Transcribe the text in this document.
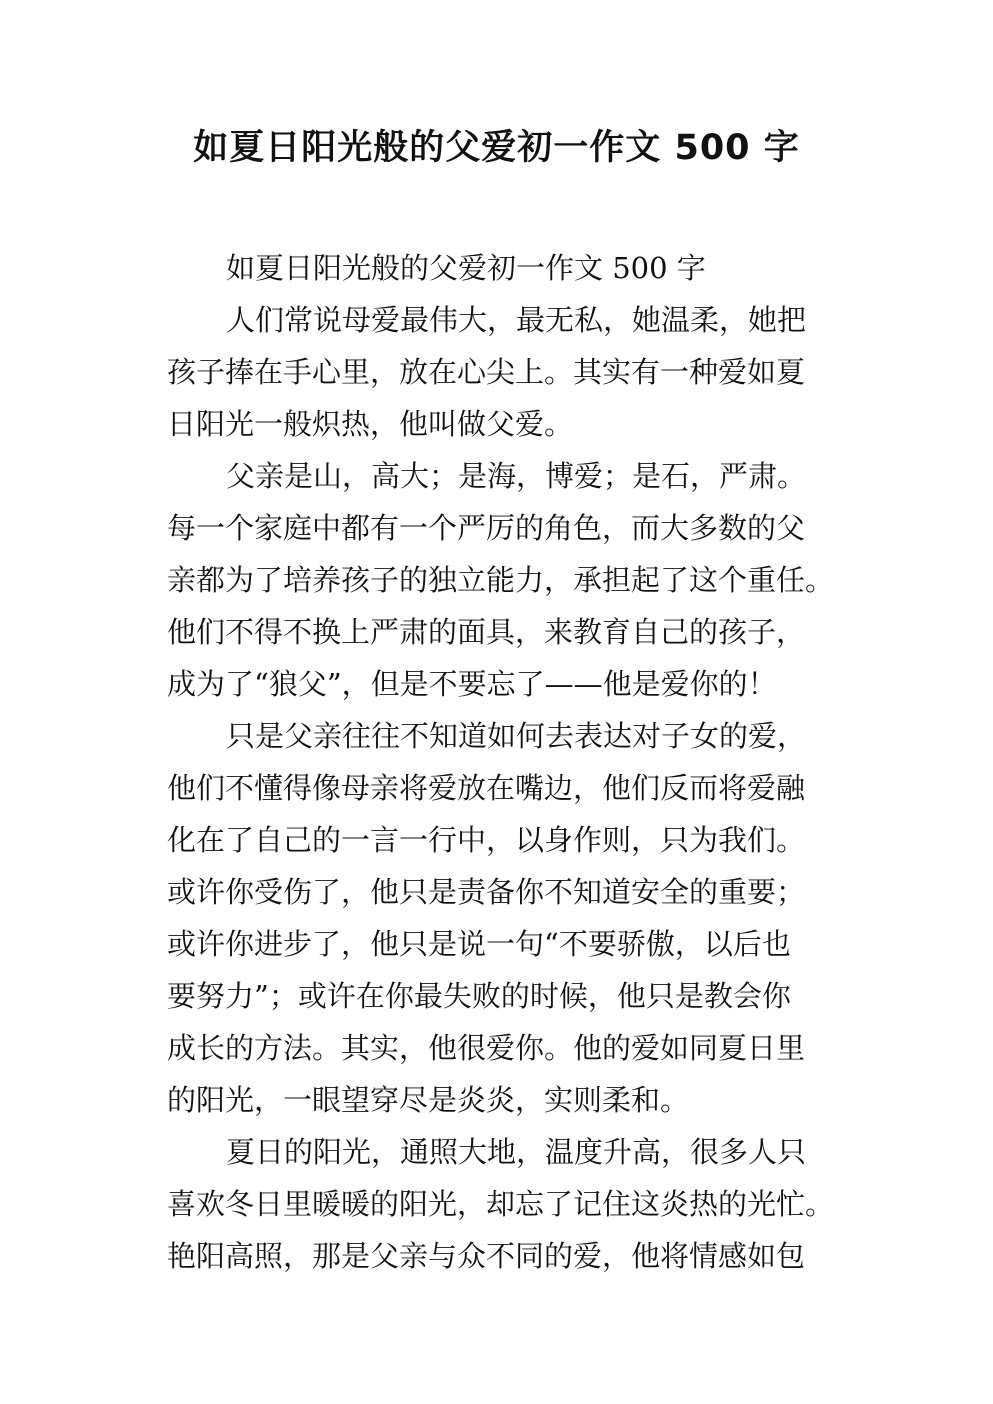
如夏日阳光般的父爱初一作文 500 字

如夏日阳光般的父爱初一作文 500 字

人们常说母爱最伟大，最无私，她温柔，她把

孩子捧在手心里，放在心尖上。其实有一种爱如夏

日阳光一般炽热，他叫做父爱。

父亲是山，高大；是海，博爱；是石，严肃。

每一个家庭中都有一个严厉的角色，而大多数的父

亲都为了培养孩子的独立能力，承担起了这个重任。

他们不得不换上严肃的面具，来教育自己的孩子，

成为了“狼父”，但是不要忘了——他是爱你的！

只是父亲往往不知道如何去表达对子女的爱，

他们不懂得像母亲将爱放在嘴边，他们反而将爱融

化在了自己的一言一行中，以身作则，只为我们。

或许你受伤了，他只是责备你不知道安全的重要；

或许你进步了，他只是说一句“不要骄傲，以后也

要努力”；或许在你最失败的时候，他只是教会你

成长的方法。其实，他很爱你。他的爱如同夏日里

的阳光，一眼望穿尽是炎炎，实则柔和。

夏日的阳光，通照大地，温度升高，很多人只

喜欢冬日里暖暖的阳光，却忘了记住这炎热的光忙。

艳阳高照，那是父亲与众不同的爱，他将情感如包
